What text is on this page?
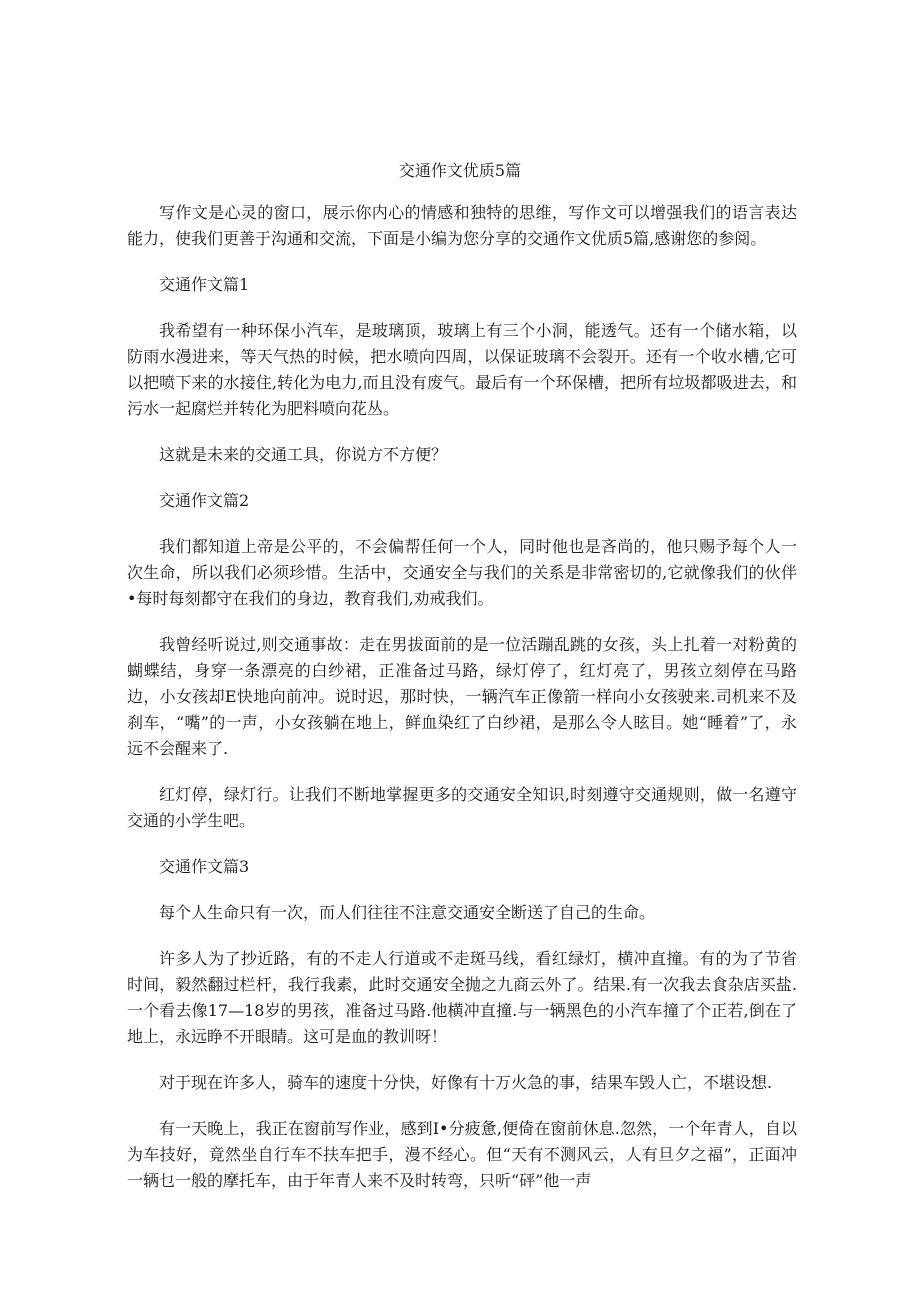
交通作文优质5篇

写作文是心灵的窗口，展示你内心的情感和独特的思维，写作文可以增强我们的语言表达能力，使我们更善于沟通和交流，下面是小编为您分享的交通作文优质5篇,感谢您的参阅。

交通作文篇1

我希望有一种环保小汽车，是玻璃顶，玻璃上有三个小洞，能透气。还有一个储水箱，以防雨水漫进来，等天气热的时候，把水喷向四周，以保证玻璃不会裂开。还有一个收水槽,它可以把喷下来的水接住,转化为电力,而且没有废气。最后有一个环保槽，把所有垃圾都吸进去，和污水一起腐烂并转化为肥料喷向花丛。

这就是未来的交通工具，你说方不方便？

交通作文篇2

我们都知道上帝是公平的，不会偏帮任何一个人，同时他也是吝尚的，他只赐予每个人一次生命，所以我们必须珍惜。生活中，交通安全与我们的关系是非常密切的,它就像我们的伙伴•每时每刻都守在我们的身边，教育我们,劝戒我们。

我曾经听说过,则交通事故：走在男拔面前的是一位活蹦乱跳的女孩，头上扎着一对粉黄的蝴蝶结，身穿一条漂亮的白纱裙，正准备过马路，绿灯停了，红灯亮了，男孩立刻停在马路边，小女孩却E快地向前冲。说时迟，那时快，一辆汽车正像箭一样向小女孩驶来.司机来不及刹车，“嘴”的一声，小女孩躺在地上，鲜血染红了白纱裙，是那么令人眩目。她“睡着”了，永远不会醒来了.

红灯停，绿灯行。让我们不断地掌握更多的交通安全知识,时刻遵守交通规则，做一名遵守交通的小学生吧。

交通作文篇3

每个人生命只有一次，而人们往往不注意交通安全断送了自己的生命。

许多人为了抄近路，有的不走人行道或不走斑马线，看红绿灯，横冲直撞。有的为了节省时间，毅然翻过栏杆，我行我素，此时交通安全抛之九商云外了。结果.有一次我去食杂店买盐.一个看去像17—18岁的男孩，准备过马路.他横冲直撞.与一辆黑色的小汽车撞了个正若,倒在了地上，永远睁不开眼睛。这可是血的教训呀！

对于现在许多人，骑车的速度十分快，好像有十万火急的事，结果车毁人亡，不堪设想.

有一天晚上，我正在窗前写作业，感到I•分疲惫,便倚在窗前休息.忽然，一个年青人，自以为车技好，竟然坐自行车不扶车把手，漫不经心。但“天有不测风云，人有旦夕之福”，正面冲一辆乜一般的摩托车，由于年青人来不及时转弯，只听“砰”他一声
